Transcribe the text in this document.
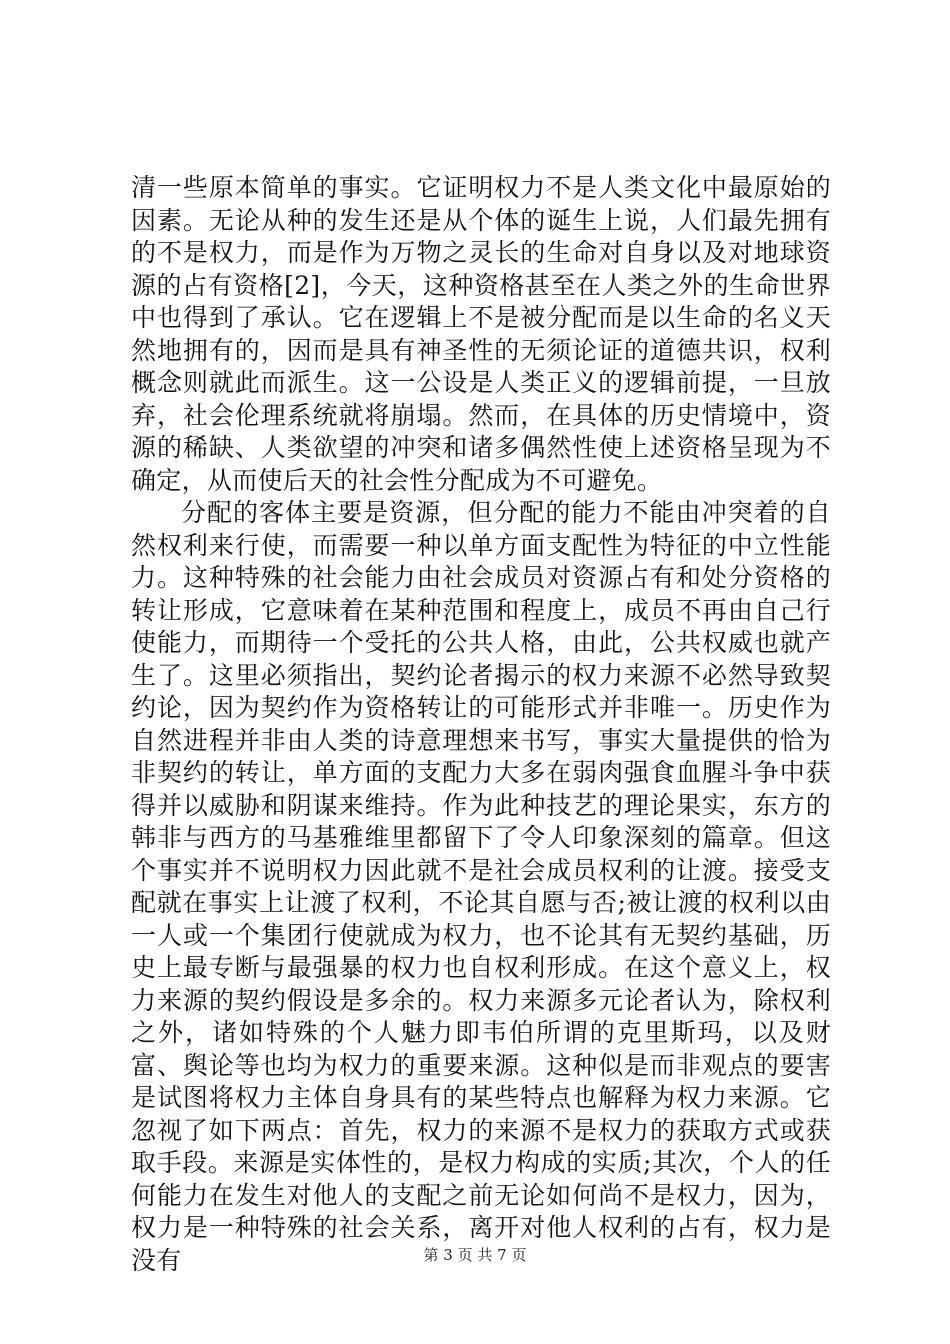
清一些原本简单的事实。它证明权力不是人类文化中最原始的因素。无论从种的发生还是从个体的诞生上说，人们最先拥有的不是权力，而是作为万物之灵长的生命对自身以及对地球资源的占有资格[2]，今天，这种资格甚至在人类之外的生命世界中也得到了承认。它在逻辑上不是被分配而是以生命的名义天然地拥有的，因而是具有神圣性的无须论证的道德共识，权利概念则就此而派生。这一公设是人类正义的逻辑前提，一旦放弃，社会伦理系统就将崩塌。然而，在具体的历史情境中，资源的稀缺、人类欲望的冲突和诸多偶然性使上述资格呈现为不确定，从而使后天的社会性分配成为不可避免。

分配的客体主要是资源，但分配的能力不能由冲突着的自然权利来行使，而需要一种以单方面支配性为特征的中立性能力。这种特殊的社会能力由社会成员对资源占有和处分资格的转让形成，它意味着在某种范围和程度上，成员不再由自己行使能力，而期待一个受托的公共人格，由此，公共权威也就产生了。这里必须指出，契约论者揭示的权力来源不必然导致契约论，因为契约作为资格转让的可能形式并非唯一。历史作为自然进程并非由人类的诗意理想来书写，事实大量提供的恰为非契约的转让，单方面的支配力大多在弱肉强食血腥斗争中获得并以威胁和阴谋来维持。作为此种技艺的理论果实，东方的韩非与西方的马基雅维里都留下了令人印象深刻的篇章。但这个事实并不说明权力因此就不是社会成员权利的让渡。接受支配就在事实上让渡了权利，不论其自愿与否;被让渡的权利以由一人或一个集团行使就成为权力，也不论其有无契约基础，历史上最专断与最强暴的权力也自权利形成。在这个意义上，权力来源的契约假设是多余的。权力来源多元论者认为，除权利之外，诸如特殊的个人魅力即韦伯所谓的克里斯玛，以及财富、舆论等也均为权力的重要来源。这种似是而非观点的要害是试图将权力主体自身具有的某些特点也解释为权力来源。它忽视了如下两点：首先，权力的来源不是权力的获取方式或获取手段。来源是实体性的，是权力构成的实质;其次，个人的任何能力在发生对他人的支配之前无论如何尚不是权力，因为，权力是一种特殊的社会关系，离开对他人权利的占有，权力是没有	第 3 页 共 7 页
